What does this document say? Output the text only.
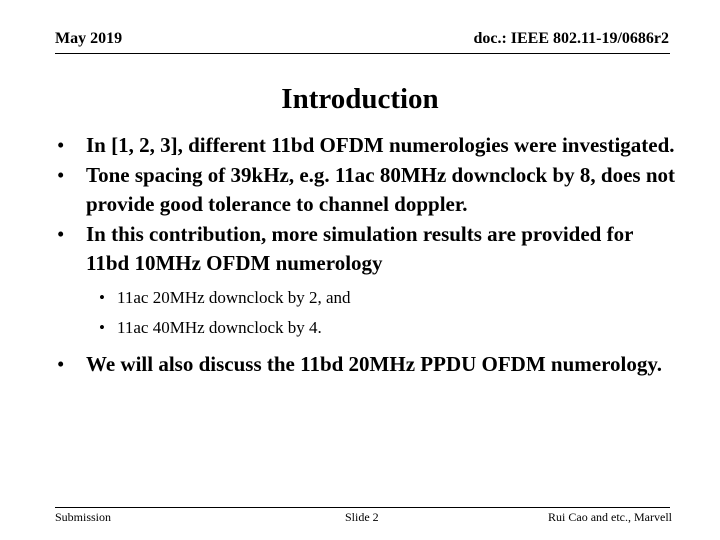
May 2019	doc.: IEEE 802.11-19/0686r2
Introduction
• In [1, 2, 3], different 11bd OFDM numerologies were investigated.
• Tone spacing of 39kHz, e.g. 11ac 80MHz downclock by 8, does not provide good tolerance to channel doppler.
• In this contribution, more simulation results are provided for 11bd 10MHz OFDM numerology
• 11ac 20MHz downclock by 2, and
• 11ac 40MHz downclock by 4.
• We will also discuss the 11bd 20MHz PPDU OFDM numerology.
Submission	Slide 2	Rui Cao and etc., Marvell
